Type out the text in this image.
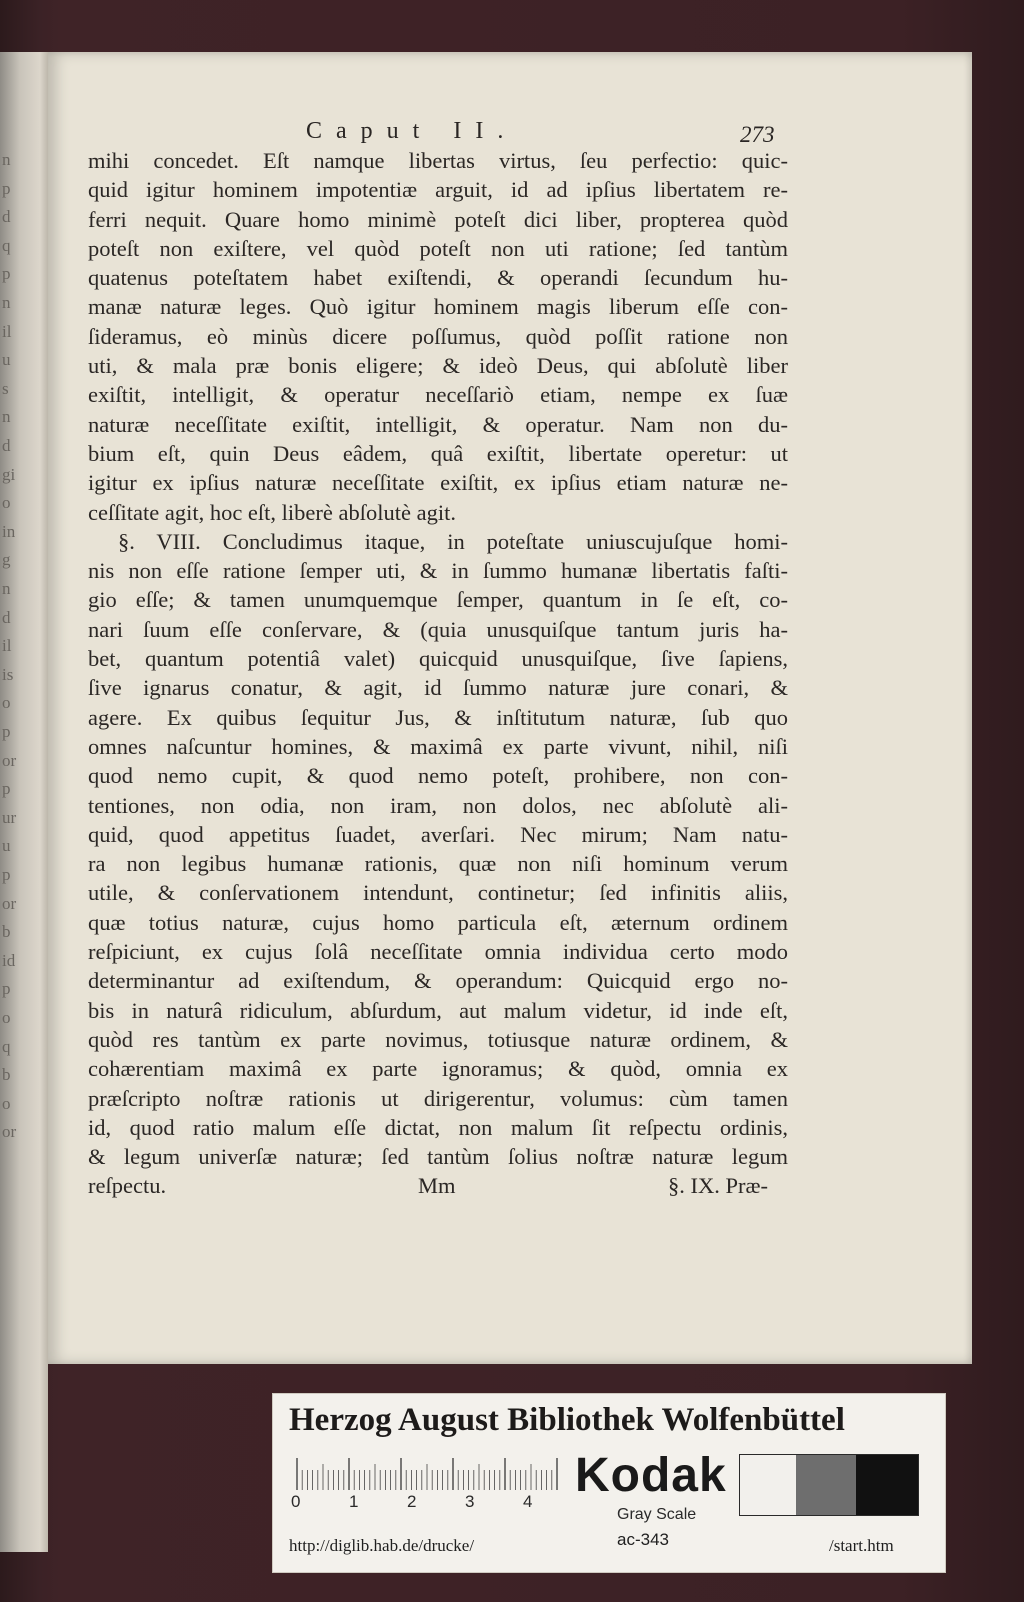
n
p
d
q
p
n
il
u
s
n
d
gi
o
in
g
n
d
il
is
o
p
or
p
ur
u
p
or
b
id
p
o
q
b
o
or
Caput II.	273
mihi concedet. Eſt namque libertas virtus, ſeu perfectio: quic-
quid igitur hominem impotentiæ arguit, id ad ipſius libertatem re-
ferri nequit. Quare homo minimè poteſt dici liber, propterea quòd
poteſt non exiſtere, vel quòd poteſt non uti ratione; ſed tantùm
quatenus poteſtatem habet exiſtendi, & operandi ſecundum hu-
manæ naturæ leges. Quò igitur hominem magis liberum eſſe con-
ſideramus, eò minùs dicere poſſumus, quòd poſſit ratione non
uti, & mala præ bonis eligere; & ideò Deus, qui abſolutè liber
exiſtit, intelligit, & operatur neceſſariò etiam, nempe ex ſuæ
naturæ neceſſitate exiſtit, intelligit, & operatur. Nam non du-
bium eſt, quin Deus eâdem, quâ exiſtit, libertate operetur: ut
igitur ex ipſius naturæ neceſſitate exiſtit, ex ipſius etiam naturæ ne-
ceſſitate agit, hoc eſt, liberè abſolutè agit.
§. VIII. Concludimus itaque, in poteſtate uniuscujuſque homi-
nis non eſſe ratione ſemper uti, & in ſummo humanæ libertatis faſti-
gio eſſe; & tamen unumquemque ſemper, quantum in ſe eſt, co-
nari ſuum eſſe conſervare, & (quia unusquiſque tantum juris ha-
bet, quantum potentiâ valet) quicquid unusquiſque, ſive ſapiens,
ſive ignarus conatur, & agit, id ſummo naturæ jure conari, &
agere. Ex quibus ſequitur Jus, & inſtitutum naturæ, ſub quo
omnes naſcuntur homines, & maximâ ex parte vivunt, nihil, niſi
quod nemo cupit, & quod nemo poteſt, prohibere, non con-
tentiones, non odia, non iram, non dolos, nec abſolutè ali-
quid, quod appetitus ſuadet, averſari. Nec mirum; Nam natu-
ra non legibus humanæ rationis, quæ non niſi hominum verum
utile, & conſervationem intendunt, continetur; ſed infinitis aliis,
quæ totius naturæ, cujus homo particula eſt, æternum ordinem
reſpiciunt, ex cujus ſolâ neceſſitate omnia individua certo modo
determinantur ad exiſtendum, & operandum: Quicquid ergo no-
bis in naturâ ridiculum, abſurdum, aut malum videtur, id inde eſt,
quòd res tantùm ex parte novimus, totiusque naturæ ordinem, &
cohærentiam maximâ ex parte ignoramus; & quòd, omnia ex
præſcripto noſtræ rationis ut dirigerentur, volumus: cùm tamen
id, quod ratio malum eſſe dictat, non malum ſit reſpectu ordinis,
& legum univerſæ naturæ; ſed tantùm ſolius noſtræ naturæ legum
reſpectu.	Mm	§. IX. Præ-
Herzog August Bibliothek Wolfenbüttel
0	1	2	3	4 Kodak
Gray Scale
http://diglib.hab.de/drucke/	ac-343	/start.htm
